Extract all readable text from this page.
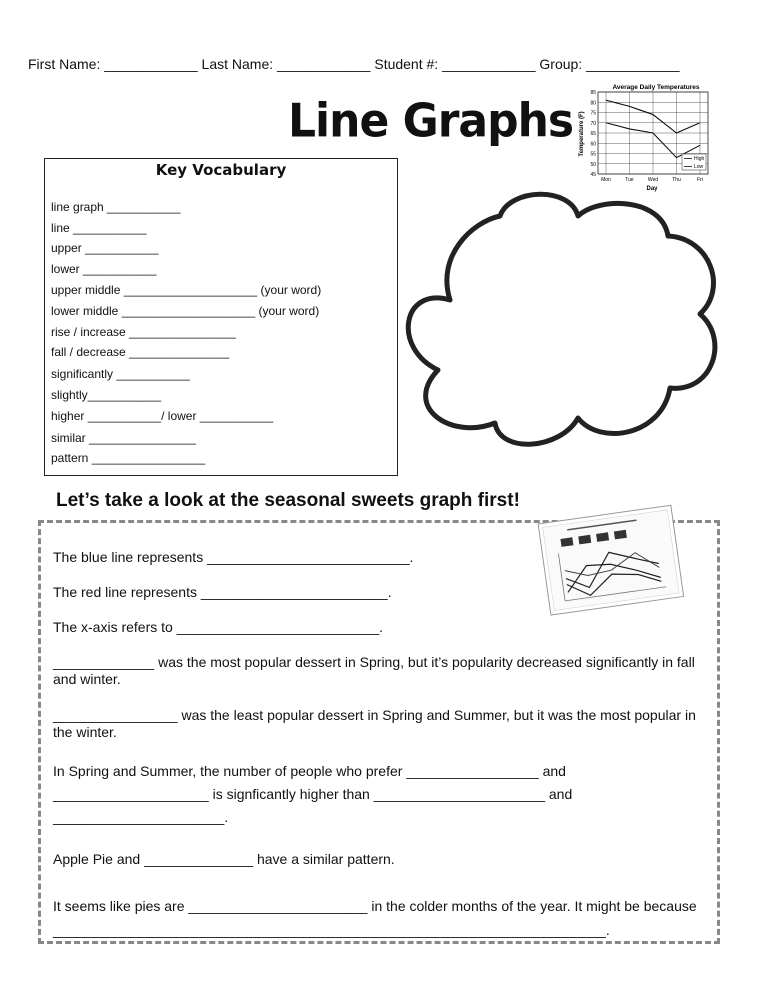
First Name: ____________ Last Name: ____________ Student #: ____________ Group: ____________
Line Graphs
Average Daily Temperatures
Temperature (F)
Day
85
80
75
70
65
60
55
50
45
Mon	Tue	Wed	Thu	Fri
High
Low
Key Vocabulary
line graph ___________
line ___________
upper ___________
lower ___________
upper middle ____________________ (your word)
lower middle ____________________ (your word)
rise / increase ________________
fall / decrease _______________
significantly ___________
slightly___________
higher ___________/ lower ___________
similar ________________
pattern _________________
Let’s take a look at the seasonal sweets graph first!
The blue line represents __________________________.
The red line represents ________________________.
The x-axis refers to __________________________.
_____________ was the most popular dessert in Spring, but it’s popularity decreased significantly in fall and winter.
________________ was the least popular dessert in Spring and Summer, but it was the most popular in the winter.
In Spring and Summer, the number of people who prefer _________________ and ____________________ is signficantly higher than ______________________ and ______________________.
Apple Pie and ______________ have a similar pattern.
It seems like pies are _______________________ in the colder months of the year. It might be because _______________________________________________________________________.
